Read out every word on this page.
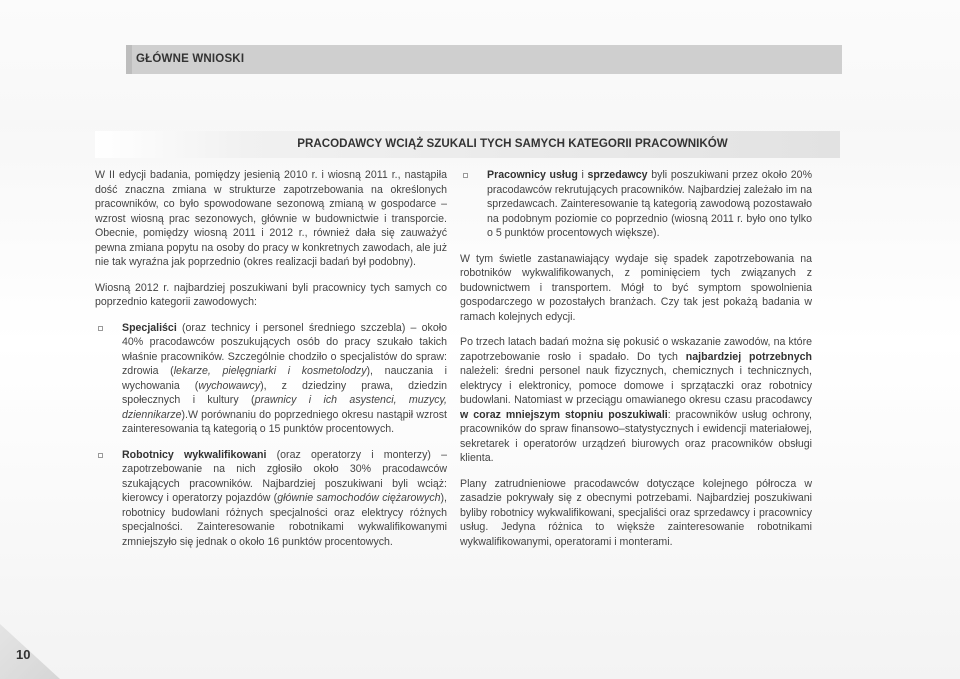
GŁÓWNE WNIOSKI
PRACODAWCY WCIĄŻ SZUKALI TYCH SAMYCH KATEGORII PRACOWNIKÓW

W II edycji badania, pomiędzy jesienią 2010 r. i wiosną 2011 r., nastąpiła dość znaczna zmiana w strukturze zapotrzebowania na określonych pracowników, co było spowodowane sezonową zmianą w gospodarce – wzrost wiosną prac sezonowych, głównie w budownictwie i transporcie. Obecnie, pomiędzy wiosną 2011 i 2012 r., również dała się zauważyć pewna zmiana popytu na osoby do pracy w konkretnych zawodach, ale już nie tak wyraźna jak poprzednio (okres realizacji badań był podobny).

Wiosną 2012 r. najbardziej poszukiwani byli pracownicy tych samych co poprzednio kategorii zawodowych:

Specjaliści (oraz technicy i personel średniego szczebla) – około 40% pracodawców poszukujących osób do pracy szukało takich właśnie pracowników. Szczególnie chodziło o specjalistów do spraw: zdrowia (lekarze, pielęgniarki i kosmetolodzy), nauczania i wychowania (wychowawcy), z dziedziny prawa, dziedzin społecznych i kultury (prawnicy i ich asystenci, muzycy, dziennikarze).W porównaniu do poprzedniego okresu nastąpił wzrost zainteresowania tą kategorią o 15 punktów procentowych.
Robotnicy wykwalifikowani (oraz operatorzy i monterzy) – zapotrzebowanie na nich zgłosiło około 30% pracodawców szukających pracowników. Najbardziej poszukiwani byli wciąż: kierowcy i operatorzy pojazdów (głównie samochodów ciężarowych), robotnicy budowlani różnych specjalności oraz elektrycy różnych specjalności. Zainteresowanie robotnikami wykwalifikowanymi zmniejszyło się jednak o około 16 punktów procentowych.
Pracownicy usług i sprzedawcy byli poszukiwani przez około 20% pracodawców rekrutujących pracowników. Najbardziej zależało im na sprzedawcach. Zainteresowanie tą kategorią zawodową pozostawało na podobnym poziomie co poprzednio (wiosną 2011 r. było ono tylko o 5 punktów procentowych większe).

W tym świetle zastanawiający wydaje się spadek zapotrzebowania na robotników wykwalifikowanych, z pominięciem tych związanych z budownictwem i transportem. Mógł to być symptom spowolnienia gospodarczego w pozostałych branżach. Czy tak jest pokażą badania w ramach kolejnych edycji.

Po trzech latach badań można się pokusić o wskazanie zawodów, na które zapotrzebowanie rosło i spadało. Do tych najbardziej potrzebnych należeli: średni personel nauk fizycznych, chemicznych i technicznych, elektrycy i elektronicy, pomoce domowe i sprzątaczki oraz robotnicy budowlani. Natomiast w przeciągu omawianego okresu czasu pracodawcy w coraz mniejszym stopniu poszukiwali: pracowników usług ochrony, pracowników do spraw finansowo–statystycznych i ewidencji materiałowej, sekretarek i operatorów urządzeń biurowych oraz pracowników obsługi klienta.

Plany zatrudnieniowe pracodawców dotyczące kolejnego półrocza w zasadzie pokrywały się z obecnymi potrzebami. Najbardziej poszukiwani byliby robotnicy wykwalifikowani, specjaliści oraz sprzedawcy i pracownicy usług. Jedyna różnica to więksże zainteresowanie robotnikami wykwalifikowanymi, operatorami i monterami.

10
